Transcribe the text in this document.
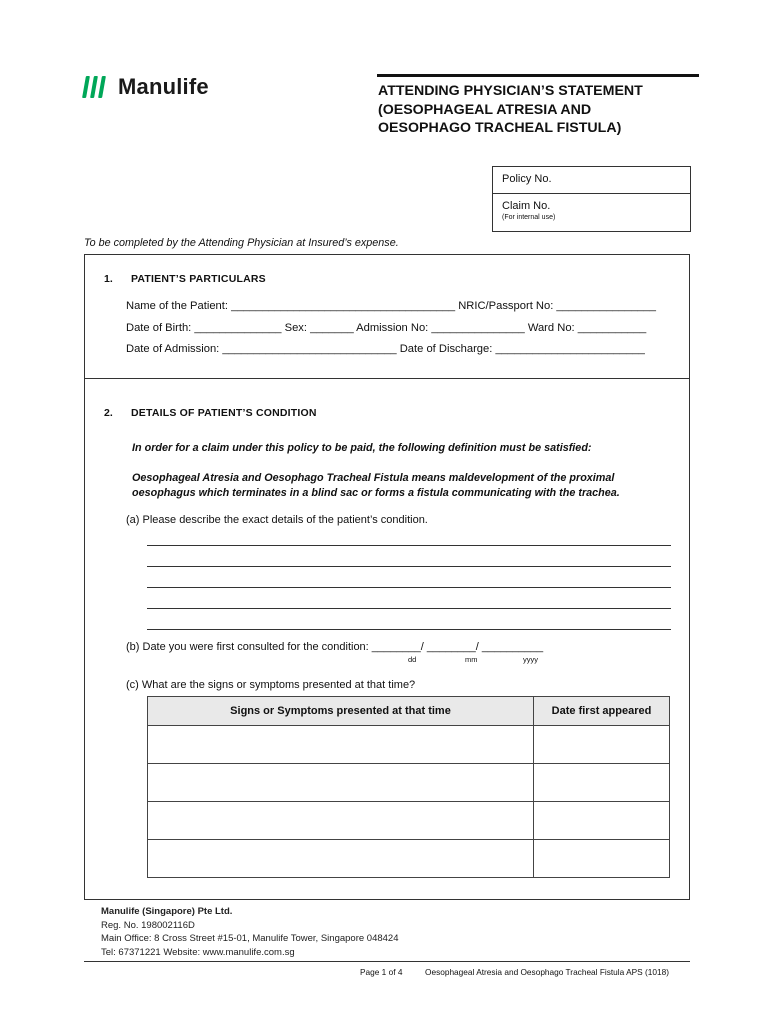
Manulife	ATTENDING PHYSICIAN’S STATEMENT
(OESOPHAGEAL ATRESIA AND
OESOPHAGO TRACHEAL FISTULA)
Policy No.
Claim No.
(For internal use)
To be completed by the Attending Physician at Insured’s expense.
1. PATIENT’S PARTICULARS
Name of the Patient: ____________________________________ NRIC/Passport No: ________________
Date of Birth: ______________ Sex: _______ Admission No: _______________ Ward No: ___________
Date of Admission: ____________________________ Date of Discharge: ________________________
2. DETAILS OF PATIENT’S CONDITION
In order for a claim under this policy to be paid, the following definition must be satisfied:
Oesophageal Atresia and Oesophago Tracheal Fistula means maldevelopment of the proximal
oesophagus which terminates in a blind sac or forms a fistula communicating with the trachea.
(a) Please describe the exact details of the patient’s condition.
(b) Date you were first consulted for the condition: ________/ ________/ __________
dd	mm	yyyy
(c) What are the signs or symptoms presented at that time?
Signs or Symptoms presented at that time	Date first appeared

Manulife (Singapore) Pte Ltd.
Reg. No. 198002116D
Main Office: 8 Cross Street #15-01, Manulife Tower, Singapore 048424
Tel: 67371221 Website: www.manulife.com.sg
Page 1 of 4	Oesophageal Atresia and Oesophago Tracheal Fistula APS (1018)
